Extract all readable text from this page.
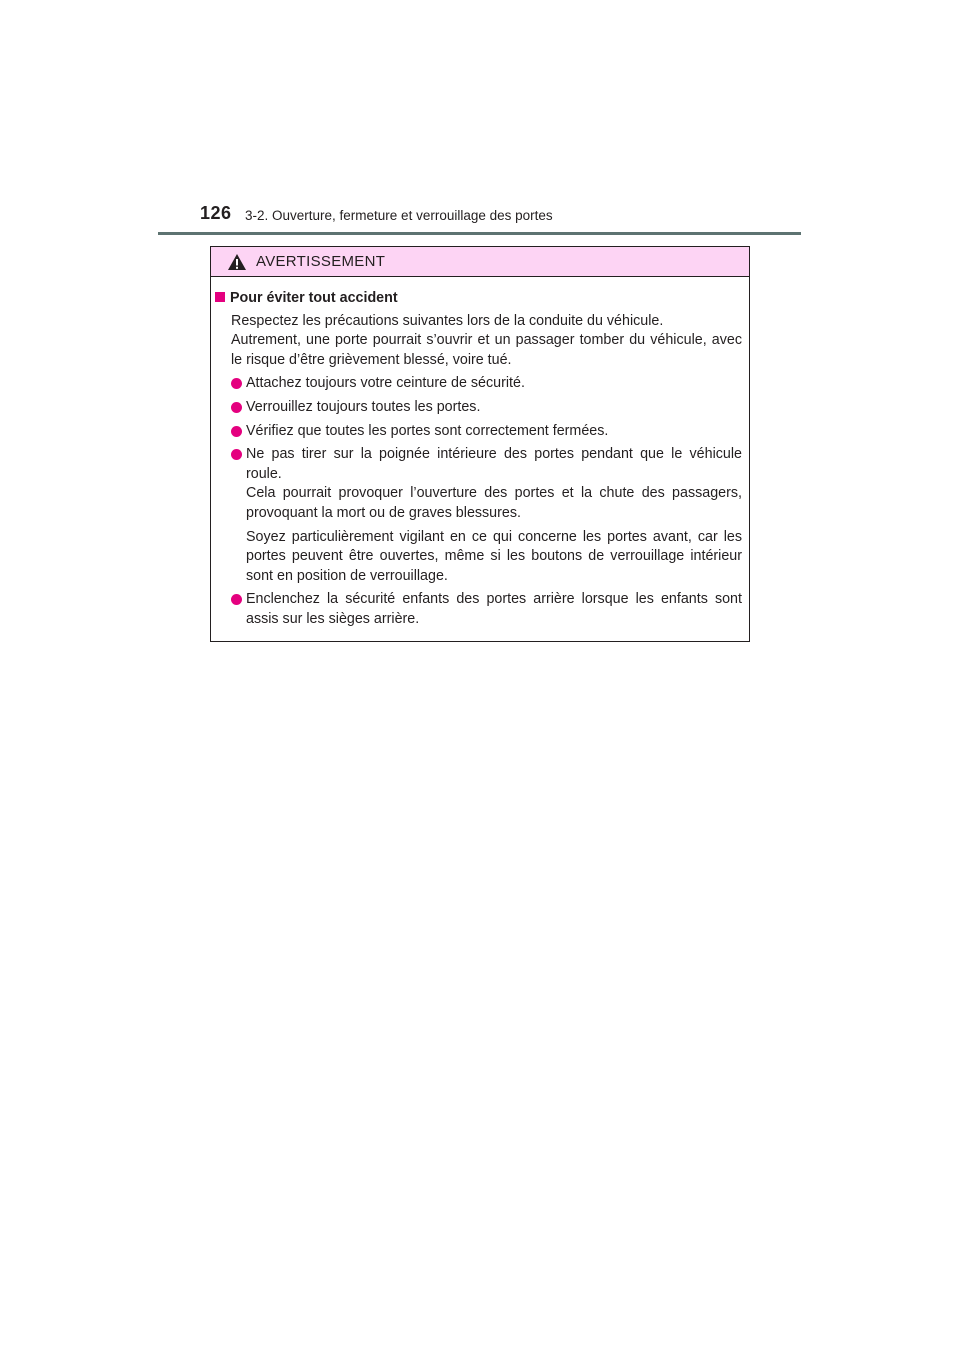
126 3-2. Ouverture, fermeture et verrouillage des portes
AVERTISSEMENT
Pour éviter tout accident

Respectez les précautions suivantes lors de la conduite du véhicule.

Autrement, une porte pourrait s’ouvrir et un passager tomber du véhicule, avec le risque d’être grièvement blessé, voire tué.

Attachez toujours votre ceinture de sécurité.

Verrouillez toujours toutes les portes.

Vérifiez que toutes les portes sont correctement fermées.

Ne pas tirer sur la poignée intérieure des portes pendant que le véhicule roule.

Cela pourrait provoquer l’ouverture des portes et la chute des passagers, provoquant la mort ou de graves blessures.

Soyez particulièrement vigilant en ce qui concerne les portes avant, car les portes peuvent être ouvertes, même si les boutons de verrouillage intérieur sont en position de verrouillage.

Enclenchez la sécurité enfants des portes arrière lorsque les enfants sont assis sur les sièges arrière.
